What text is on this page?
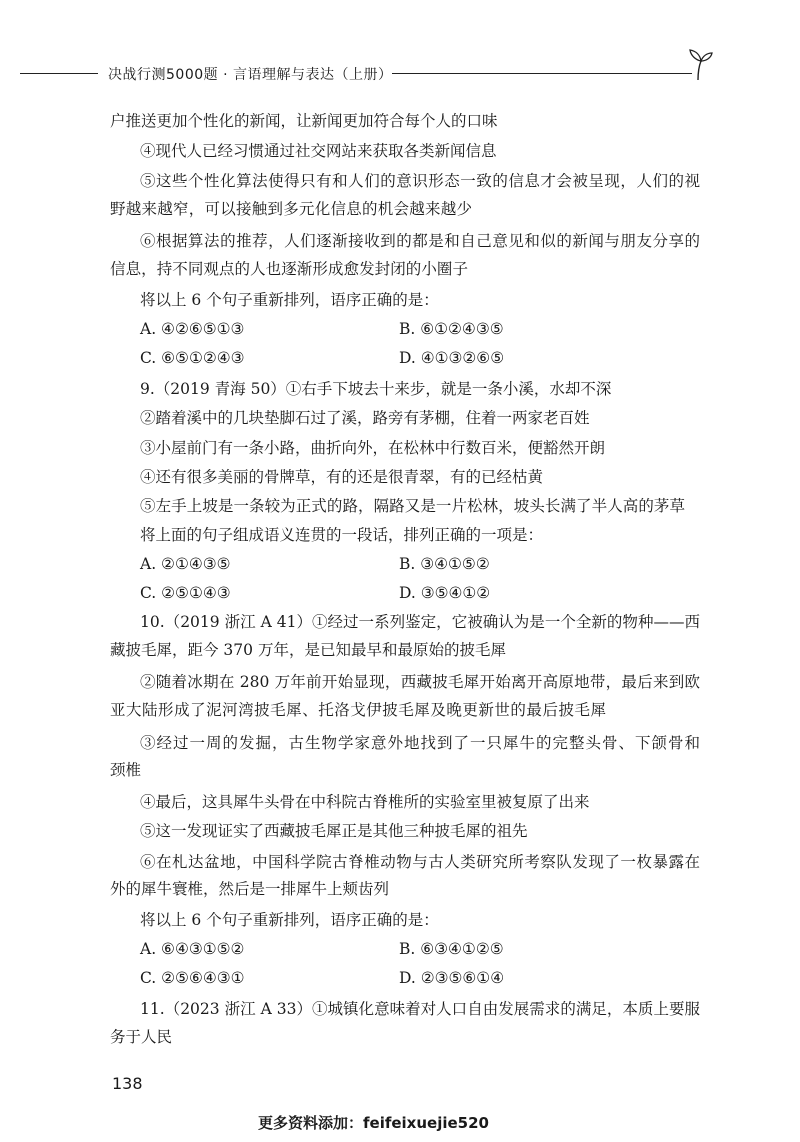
决战行测5000题 · 言语理解与表达（上册）
户推送更加个性化的新闻，让新闻更加符合每个人的口味
④现代人已经习惯通过社交网站来获取各类新闻信息
⑤这些个性化算法使得只有和人们的意识形态一致的信息才会被呈现，人们的视
野越来越窄，可以接触到多元化信息的机会越来越少
⑥根据算法的推荐，人们逐渐接收到的都是和自己意见和似的新闻与朋友分享的
信息，持不同观点的人也逐渐形成愈发封闭的小圈子
将以上 6 个句子重新排列，语序正确的是：
A. ④②⑥⑤①③	B. ⑥①②④③⑤
C. ⑥⑤①②④③	D. ④①③②⑥⑤
9.（2019 青海 50）①右手下坡去十来步，就是一条小溪，水却不深
②踏着溪中的几块垫脚石过了溪，路旁有茅棚，住着一两家老百姓
③小屋前门有一条小路，曲折向外，在松林中行数百米，便豁然开朗
④还有很多美丽的骨牌草，有的还是很青翠，有的已经枯黄
⑤左手上坡是一条较为正式的路，隔路又是一片松林，坡头长满了半人高的茅草
将上面的句子组成语义连贯的一段话，排列正确的一项是：
A. ②①④③⑤	B. ③④①⑤②
C. ②⑤①④③	D. ③⑤④①②
10.（2019 浙江 A 41）①经过一系列鉴定，它被确认为是一个全新的物种——西
藏披毛犀，距今 370 万年，是已知最早和最原始的披毛犀
②随着冰期在 280 万年前开始显现，西藏披毛犀开始离开高原地带，最后来到欧
亚大陆形成了泥河湾披毛犀、托洛戈伊披毛犀及晚更新世的最后披毛犀
③经过一周的发掘，古生物学家意外地找到了一只犀牛的完整头骨、下颌骨和
颈椎
④最后，这具犀牛头骨在中科院古脊椎所的实验室里被复原了出来
⑤这一发现证实了西藏披毛犀正是其他三种披毛犀的祖先
⑥在札达盆地，中国科学院古脊椎动物与古人类研究所考察队发现了一枚暴露在
外的犀牛寰椎，然后是一排犀牛上颊齿列
将以上 6 个句子重新排列，语序正确的是：
A. ⑥④③①⑤②	B. ⑥③④①②⑤
C. ②⑤⑥④③①	D. ②③⑤⑥①④
11.（2023 浙江 A 33）①城镇化意味着对人口自由发展需求的满足，本质上要服
务于人民
138
更多资料添加：feifeixuejie520
